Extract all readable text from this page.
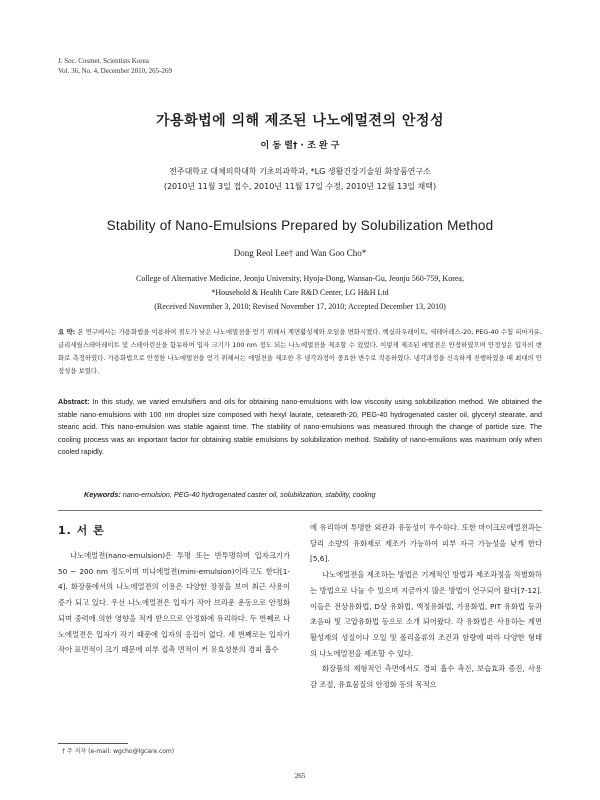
J. Soc. Cosmet. Scientists Korea
Vol. 36, No. 4, December 2010, 265-269
가용화법에 의해 제조된 나노에멀젼의 안정성
이 동 렬† · 조 완 구
전주대학교 대체의학대학 기초의과학과, *LG 생활건강기술원 화장품연구소
(2010년 11월 3일 접수, 2010년 11월 17일 수정, 2010년 12월 13일 채택)
Stability of Nano-Emulsions Prepared by Solubilization Method
Dong Reol Lee† and Wan Goo Cho*
College of Alternative Medicine, Jeonju University, Hyoja-Dong, Wansan-Gu, Jeonju 560-759, Korea,
*Household & Health Care R&D Center, LG H&H Ltd
(Received November 3, 2010; Revised November 17, 2010; Accepted December 13, 2010)
요 약: 본 연구에서는 가용화법을 이용하여 점도가 낮은 나노에멀젼을 얻기 위해서 계면활성제와 오일을 변화시켰다. 헥실라우레이트, 세테아레스-20, PEG-40 수첨 피마자유, 글리세릴스테아레이트 및 스테아린산을 함유하며 입자 크기가 100 nm 정도 되는 나노에멀젼을 제조할 수 있었다. 이렇게 제조된 에멀젼은 안정하였으며 안정성은 입자의 변화로 측정하였다. 가용화법으로 안정한 나노에멀젼을 얻기 위해서는 에멀젼을 제조한 후 냉각과정이 중요한 변수로 작용하였다. 냉각과정을 신속하게 진행하였을 때 최대의 안정성을 보였다.
Abstract: In this study, we varied emulsifiers and oils for obtaining nano-emulsions with low viscosity using solubilization method. We obtained the stable nano-emulsions with 100 nm droplet size composed with hexyl laurate, ceteareth-20, PEG-40 hydrogenated caster oil, glyceryl stearate, and stearic acid. This nano-emulsion was stable against time. The stability of nano-emulsions was measured through the change of particle size. The cooling process was an important factor for obtaining stable emulsions by solubilization method. Stability of nano-emulions was maximum only when cooled rapidly.
Keywords: nano-emulsion, PEG-40 hydrogenated caster oil, solubilization, stability, cooling
1. 서 론

나노에멀젼(nano-emulsion)은 투명 또는 반투명하며 입자크기가 50 ~ 200 nm 정도이며 미니에멀젼(mini-emulsion)이라고도 한다[1-4]. 화장품에서의 나노에멀젼의 이용은 다양한 장점을 보여 최근 사용이 증가 되고 있다. 우선 나노에멀젼은 입자가 작아 브라운 운동으로 안정화되며 중력에 의한 영향을 적게 받으므로 안정화에 유리하다. 두 번째로 나노에멀젼은 입자가 작기 때문에 입자의 응집이 없다. 세 번째로는 입자가 작아 표면적이 크기 때문에 피부 접촉 면적이 커 유효성분의 경피 흡수

에 유리하며 투명한 외관과 유동성이 우수하다. 또한 마이크로에멀젼과는 달리 소량의 유화제로 제조가 가능하여 피부 자극 가능성을 낮게 한다[5,6].

나노에멀젼을 제조하는 방법은 기계적인 방법과 제조과정을 차별화하는 방법으로 나눌 수 있으며 지금까지 많은 방법이 연구되어 왔다[7-12]. 이들은 전상유화법, D상 유화법, 액정유화법, 가용화법, PIT 유화법 등과 초음파 및 고압유화법 등으로 소개 되어왔다. 각 유화법은 사용하는 계면활성제의 성질이나 오일 및 폴리올류의 조건과 함량에 따라 다양한 형태의 나노에멀젼을 제조할 수 있다.

화장품의 제형적인 측면에서도 경피 흡수 촉진, 보습효과 증진, 사용감 조절, 유효물질의 안정화 등의 목적으

† 주 저자 (e-mail: wgcho@lgcare.com)
265
